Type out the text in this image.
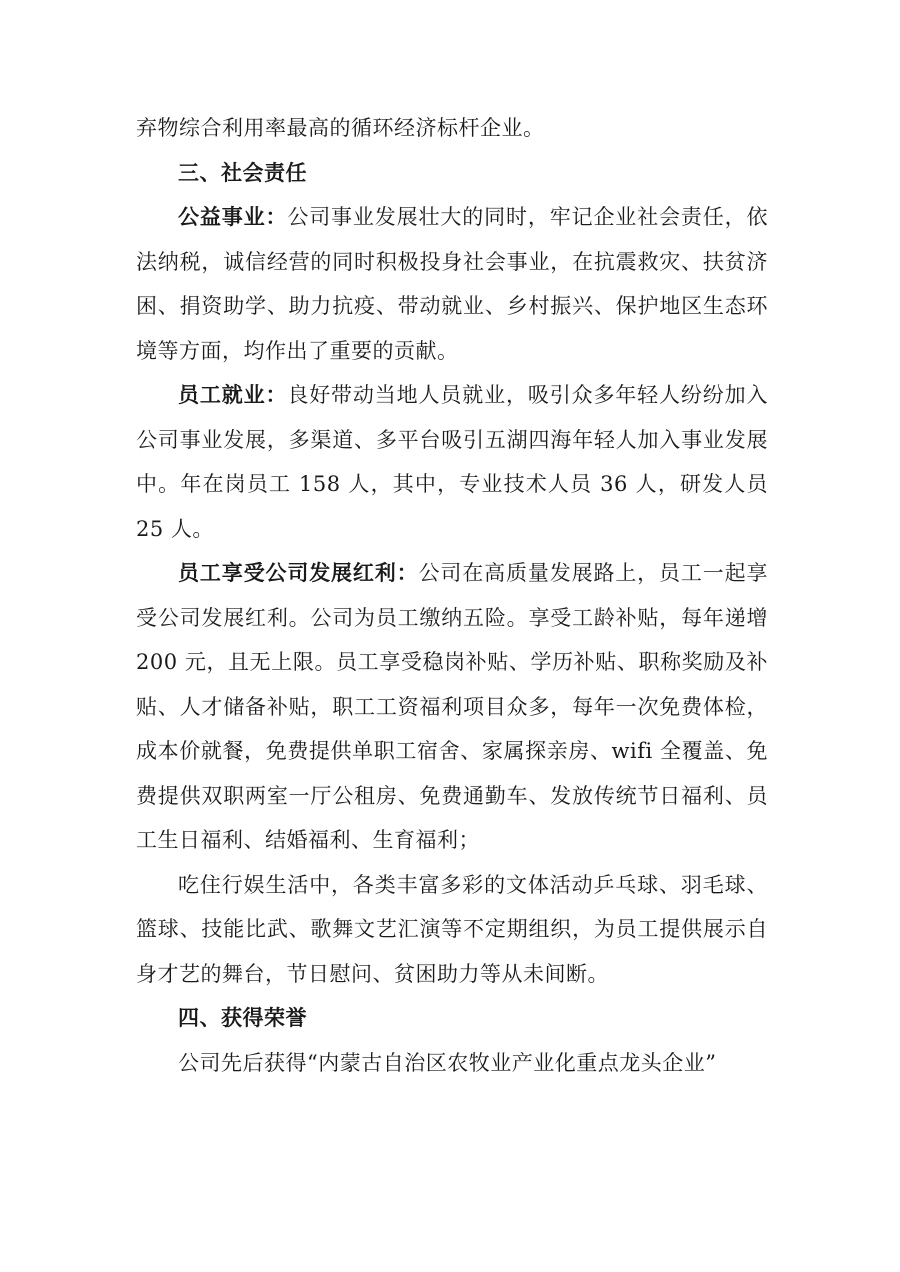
弃物综合利用率最高的循环经济标杆企业。

三、社会责任

公益事业：公司事业发展壮大的同时，牢记企业社会责任，依法纳税，诚信经营的同时积极投身社会事业，在抗震救灾、扶贫济困、捐资助学、助力抗疫、带动就业、乡村振兴、保护地区生态环境等方面，均作出了重要的贡献。

员工就业：良好带动当地人员就业，吸引众多年轻人纷纷加入公司事业发展，多渠道、多平台吸引五湖四海年轻人加入事业发展中。年在岗员工 158 人，其中，专业技术人员 36 人，研发人员 25 人。

员工享受公司发展红利：公司在高质量发展路上，员工一起享受公司发展红利。公司为员工缴纳五险。享受工龄补贴，每年递增 200 元，且无上限。员工享受稳岗补贴、学历补贴、职称奖励及补贴、人才储备补贴，职工工资福利项目众多，每年一次免费体检，成本价就餐，免费提供单职工宿舍、家属探亲房、wifi 全覆盖、免费提供双职两室一厅公租房、免费通勤车、发放传统节日福利、员工生日福利、结婚福利、生育福利；

吃住行娱生活中，各类丰富多彩的文体活动乒乓球、羽毛球、篮球、技能比武、歌舞文艺汇演等不定期组织，为员工提供展示自身才艺的舞台，节日慰问、贫困助力等从未间断。

四、获得荣誉

公司先后获得“内蒙古自治区农牧业产业化重点龙头企业”
